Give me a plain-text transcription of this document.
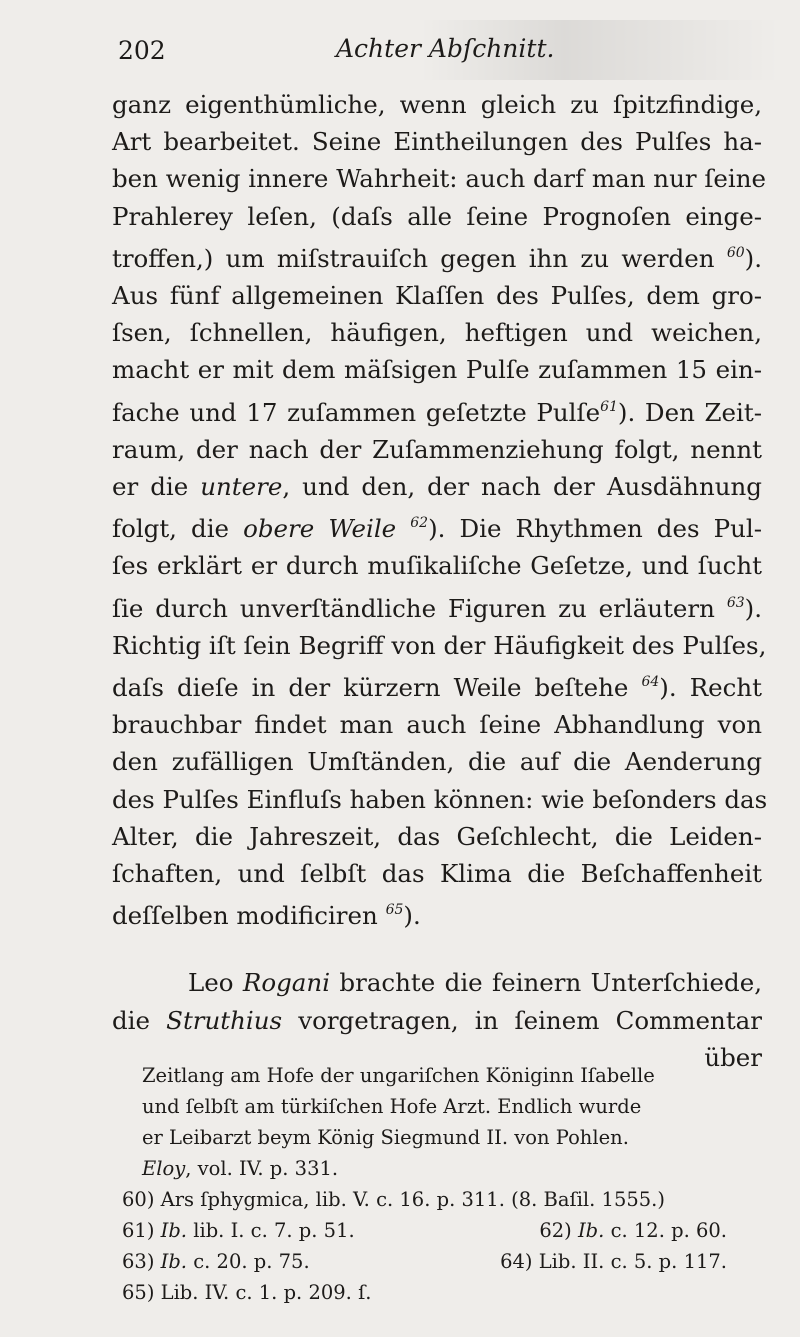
202	Achter Abſchnitt.
ganz eigenthümliche, wenn gleich zu ſpitzfindige,
Art bearbeitet. Seine Eintheilungen des Pulſes ha-
ben wenig innere Wahrheit: auch darf man nur ſeine
Prahlerey leſen, (daſs alle ſeine Prognoſen einge-
troffen,) um miſstrauiſch gegen ihn zu werden $^{60}$).
Aus fünf allgemeinen Klaſſen des Pulſes, dem gro-
ſsen, ſchnellen, häufigen, heftigen und weichen,
macht er mit dem mäſsigen Pulſe zuſammen 15 ein-
fache und 17 zuſammen geſetzte Pulſe$^{61}$). Den Zeit-
raum, der nach der Zuſammenziehung folgt, nennt
er die untere, und den, der nach der Ausdähnung
folgt, die obere Weile $^{62}$). Die Rhythmen des Pul-
ſes erklärt er durch muſikaliſche Geſetze, und ſucht
ſie durch unverſtändliche Figuren zu erläutern $^{63}$).
Richtig iſt ſein Begriff von der Häufigkeit des Pulſes,
daſs dieſe in der kürzern Weile beſtehe $^{64}$). Recht
brauchbar findet man auch ſeine Abhandlung von
den zufälligen Umſtänden, die auf die Aenderung
des Pulſes Einfluſs haben können: wie beſonders das
Alter, die Jahreszeit, das Geſchlecht, die Leiden-
ſchaften, und ſelbſt das Klima die Beſchaffenheit
deſſelben modificiren $^{65}$).
Leo Rogani brachte die feinern Unterſchiede,
die Struthius vorgetragen, in ſeinem Commentar
über
Zeitlang am Hofe der ungariſchen Königinn Iſabelle
und ſelbſt am türkiſchen Hofe Arzt. Endlich wurde
er Leibarzt beym König Siegmund II. von Pohlen.
Eloy, vol. IV. p. 331.
60) Ars ſphygmica, lib. V. c. 16. p. 311. (8. Baſil. 1555.)
61) Ib. lib. I. c. 7. p. 51.	62) Ib. c. 12. p. 60.
63) Ib. c. 20. p. 75.	64) Lib. II. c. 5. p. 117.
65) Lib. IV. c. 1. p. 209. ſ.
